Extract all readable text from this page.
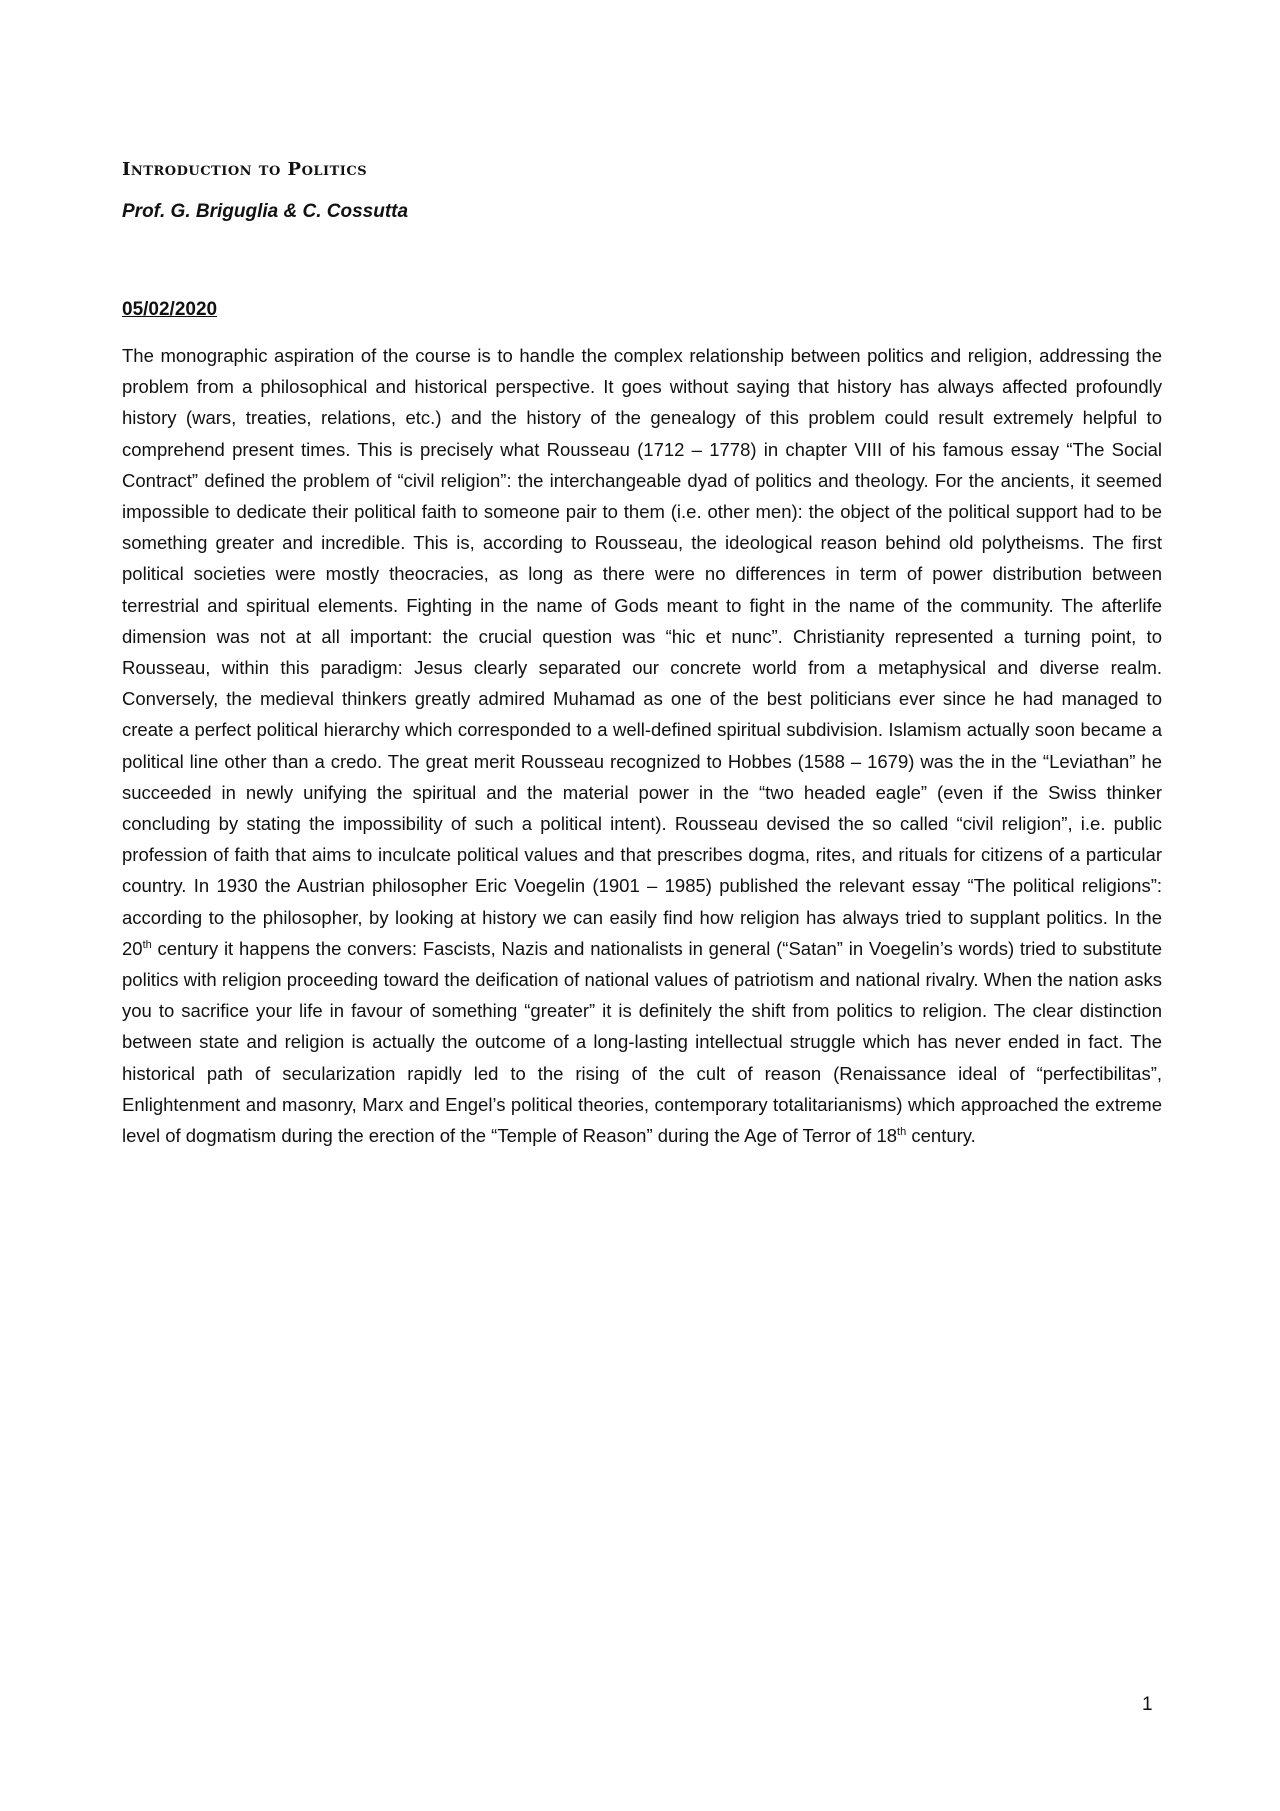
Introduction to Politics

Prof. G. Briguglia & C. Cossutta

05/02/2020

The monographic aspiration of the course is to handle the complex relationship between politics and religion, addressing the problem from a philosophical and historical perspective. It goes without saying that history has always affected profoundly history (wars, treaties, relations, etc.) and the history of the genealogy of this problem could result extremely helpful to comprehend present times. This is precisely what Rousseau (1712 – 1778) in chapter VIII of his famous essay “The Social Contract” defined the problem of “civil religion”: the interchangeable dyad of politics and theology. For the ancients, it seemed impossible to dedicate their political faith to someone pair to them (i.e. other men): the object of the political support had to be something greater and incredible. This is, according to Rousseau, the ideological reason behind old polytheisms. The first political societies were mostly theocracies, as long as there were no differences in term of power distribution between terrestrial and spiritual elements. Fighting in the name of Gods meant to fight in the name of the community. The afterlife dimension was not at all important: the crucial question was “hic et nunc”. Christianity represented a turning point, to Rousseau, within this paradigm: Jesus clearly separated our concrete world from a metaphysical and diverse realm. Conversely, the medieval thinkers greatly admired Muhamad as one of the best politicians ever since he had managed to create a perfect political hierarchy which corresponded to a well-defined spiritual subdivision. Islamism actually soon became a political line other than a credo. The great merit Rousseau recognized to Hobbes (1588 – 1679) was the in the “Leviathan” he succeeded in newly unifying the spiritual and the material power in the “two headed eagle” (even if the Swiss thinker concluding by stating the impossibility of such a political intent). Rousseau devised the so called “civil religion”, i.e. public profession of faith that aims to inculcate political values and that prescribes dogma, rites, and rituals for citizens of a particular country. In 1930 the Austrian philosopher Eric Voegelin (1901 – 1985) published the relevant essay “The political religions”: according to the philosopher, by looking at history we can easily find how religion has always tried to supplant politics. In the 20th century it happens the convers: Fascists, Nazis and nationalists in general (“Satan” in Voegelin’s words) tried to substitute politics with religion proceeding toward the deification of national values of patriotism and national rivalry. When the nation asks you to sacrifice your life in favour of something “greater” it is definitely the shift from politics to religion. The clear distinction between state and religion is actually the outcome of a long-lasting intellectual struggle which has never ended in fact. The historical path of secularization rapidly led to the rising of the cult of reason (Renaissance ideal of “perfectibilitas”, Enlightenment and masonry, Marx and Engel’s political theories, contemporary totalitarianisms) which approached the extreme level of dogmatism during the erection of the “Temple of Reason” during the Age of Terror of 18th century.

1
